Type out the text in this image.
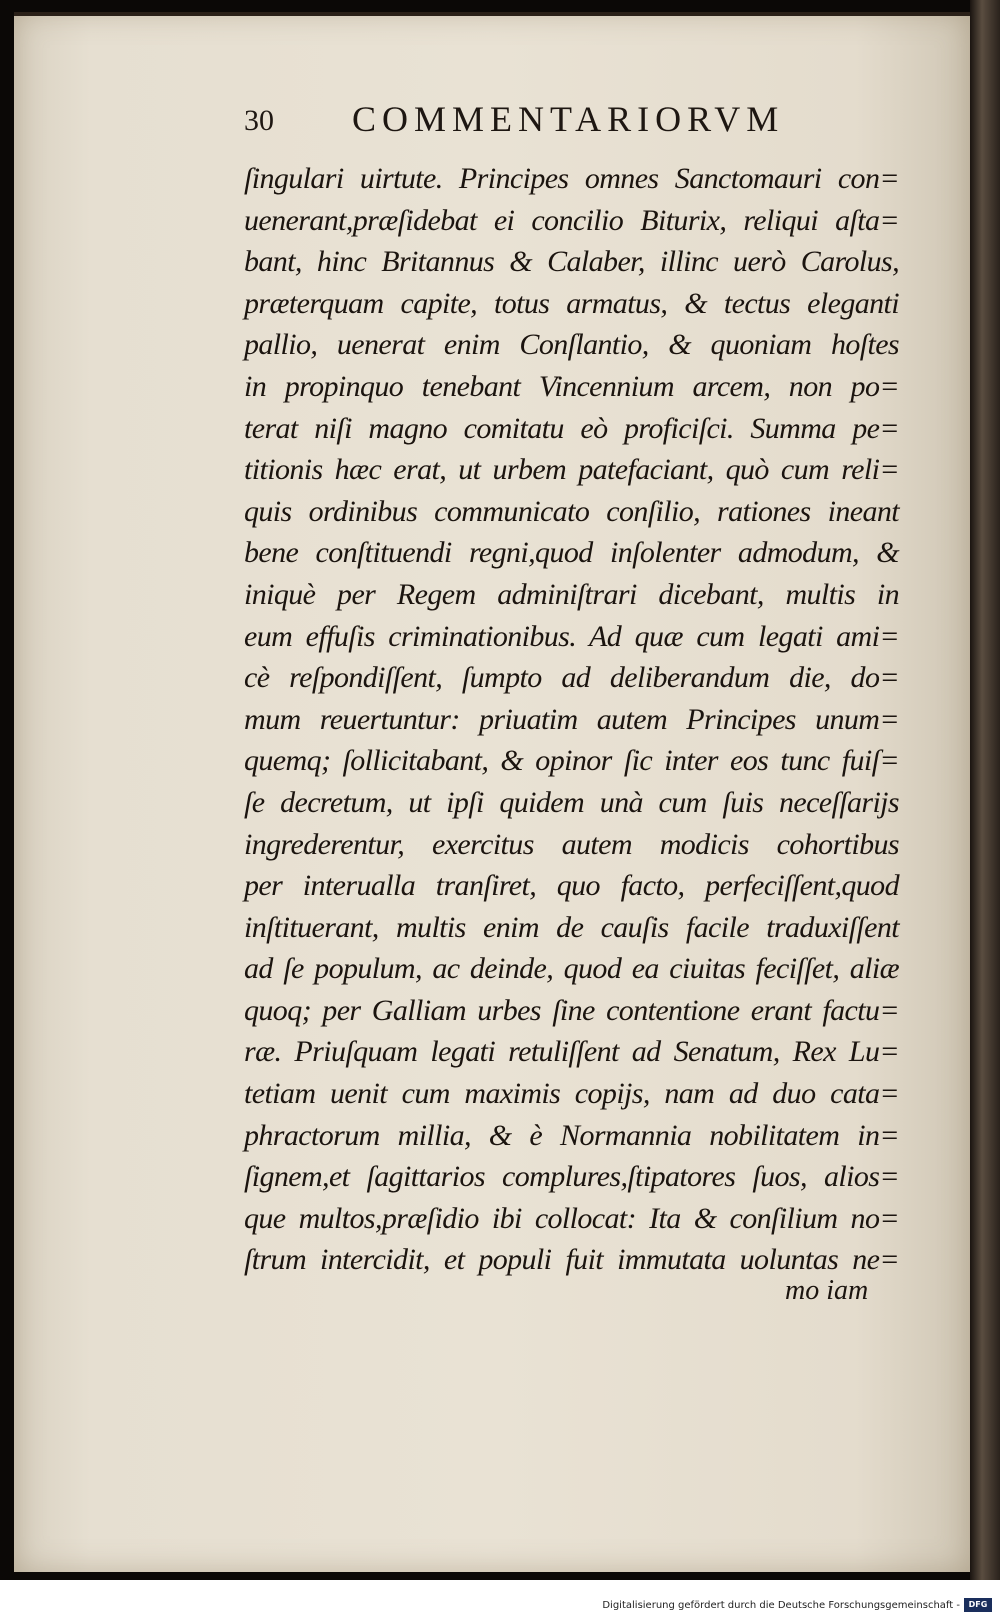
30 COMMENTARIORVM
ſingulari uirtute. Principes omnes Sanctomauri con=
uenerant,præſidebat ei concilio Biturix, reliqui aſta=
bant, hinc Britannus & Calaber, illinc uerò Carolus,
præterquam capite, totus armatus, & tectus eleganti
pallio, uenerat enim Conſlantio, & quoniam hoſtes
in propinquo tenebant Vincennium arcem, non po=
terat niſi magno comitatu eò proficiſci. Summa pe=
titionis hæc erat, ut urbem patefaciant, quò cum reli=
quis ordinibus communicato conſilio, rationes ineant
bene conſtituendi regni,quod inſolenter admodum, &
iniquè per Regem adminiſtrari dicebant, multis in
eum effuſis criminationibus. Ad quæ cum legati ami=
cè reſpondiſſent, ſumpto ad deliberandum die, do=
mum reuertuntur: priuatim autem Principes unum=
quemq; ſollicitabant, & opinor ſic inter eos tunc fuiſ=
ſe decretum, ut ipſi quidem unà cum ſuis neceſſarijs
ingrederentur, exercitus autem modicis cohortibus
per interualla tranſiret, quo facto, perfeciſſent,quod
inſtituerant, multis enim de cauſis facile traduxiſſent
ad ſe populum, ac deinde, quod ea ciuitas feciſſet, aliæ
quoq; per Galliam urbes ſine contentione erant factu=
ræ. Priuſquam legati retuliſſent ad Senatum, Rex Lu=
tetiam uenit cum maximis copijs, nam ad duo cata=
phractorum millia, & è Normannia nobilitatem in=
ſignem,et ſagittarios complures,ſtipatores ſuos, alios=
que multos,præſidio ibi collocat: Ita & conſilium no=
ſtrum intercidit, et populi fuit immutata uoluntas ne=
mo iam
Digitalisierung gefördert durch die Deutsche Forschungsgemeinschaft -	DFG
